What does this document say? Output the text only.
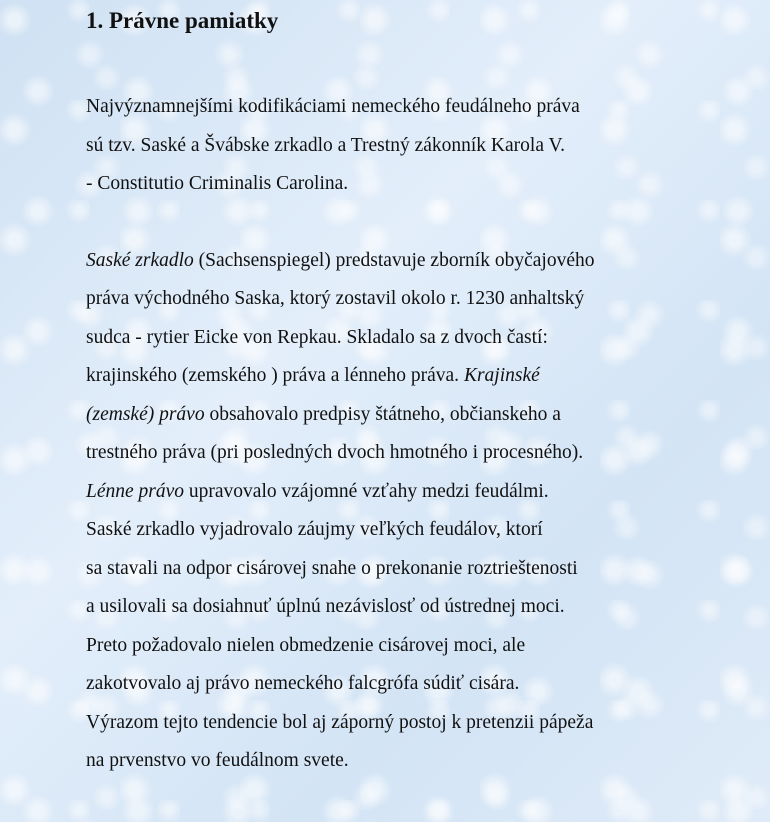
1. Právne pamiatky

Najvýznamnejšími kodifikáciami nemeckého feudálneho práva
sú tzv. Saské a Švábske zrkadlo a Trestný zákonník Karola V.
- Constitutio Criminalis Carolina.

Saské zrkadlo (Sachsenspiegel) predstavuje zborník obyčajového
práva východného Saska, ktorý zostavil okolo r. 1230 anhaltský
sudca - rytier Eicke von Repkau. Skladalo sa z dvoch častí:
krajinského (zemského ) práva a lénneho práva. Krajinské
(zemské) právo obsahovalo predpisy štátneho, občianskeho a
trestného práva (pri posledných dvoch hmotného i procesného).
Lénne právo upravovalo vzájomné vzťahy medzi feudálmi.
Saské zrkadlo vyjadrovalo záujmy veľkých feudálov, ktorí
sa stavali na odpor cisárovej snahe o prekonanie roztrieštenosti
a usilovali sa dosiahnuť úplnú nezávislosť od ústrednej moci.
Preto požadovalo nielen obmedzenie cisárovej moci, ale
zakotvovalo aj právo nemeckého falcgrófa súdiť cisára.
Výrazom tejto tendencie bol aj záporný postoj k pretenzii pápeža
na prvenstvo vo feudálnom svete.
